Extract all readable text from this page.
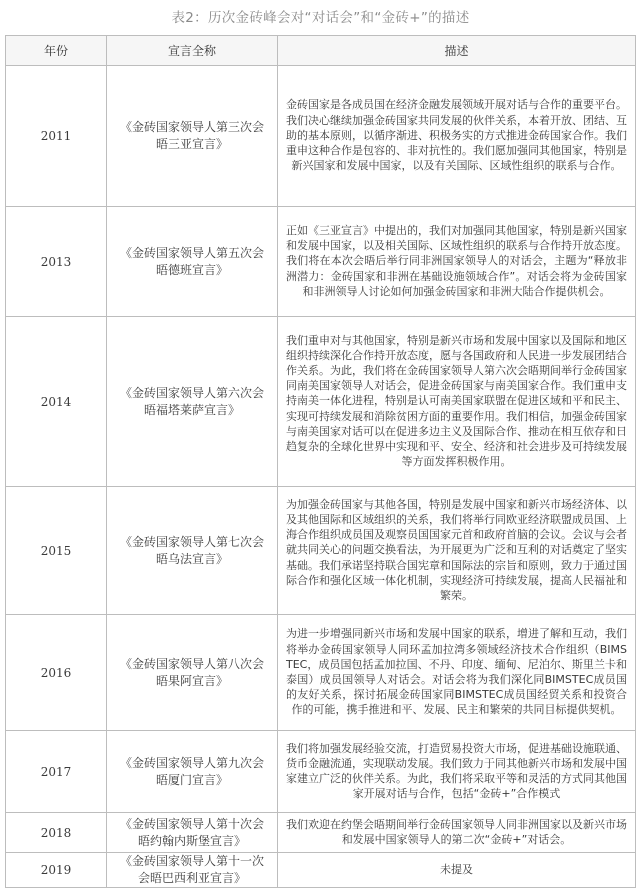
表2：历次金砖峰会对“对话会”和“金砖+”的描述
年份	宣言全称	描述
2011	《金砖国家领导人第三次会晤三亚宣言》	金砖国家是各成员国在经济金融发展领域开展对话与合作的重要平台。我们决心继续加强金砖国家共同发展的伙伴关系，本着开放、团结、互助的基本原则，以循序渐进、积极务实的方式推进金砖国家合作。我们重申这种合作是包容的、非对抗性的。我们愿加强同其他国家，特别是新兴国家和发展中国家，以及有关国际、区域性组织的联系与合作。
2013	《金砖国家领导人第五次会晤德班宣言》	正如《三亚宣言》中提出的，我们对加强同其他国家，特别是新兴国家和发展中国家，以及相关国际、区域性组织的联系与合作持开放态度。我们将在本次会晤后举行同非洲国家领导人的对话会，主题为“释放非洲潜力：金砖国家和非洲在基础设施领域合作”。对话会将为金砖国家和非洲领导人讨论如何加强金砖国家和非洲大陆合作提供机会。
2014	《金砖国家领导人第六次会晤福塔莱萨宣言》	我们重申对与其他国家，特别是新兴市场和发展中国家以及国际和地区组织持续深化合作持开放态度，愿与各国政府和人民进一步发展团结合作关系。为此，我们将在金砖国家领导人第六次会晤期间举行金砖国家同南美国家领导人对话会，促进金砖国家与南美国家合作。我们重申支持南美一体化进程，特别是认可南美国家联盟在促进区域和平和民主、实现可持续发展和消除贫困方面的重要作用。我们相信，加强金砖国家与南美国家对话可以在促进多边主义及国际合作、推动在相互依存和日趋复杂的全球化世界中实现和平、安全、经济和社会进步及可持续发展等方面发挥积极作用。
2015	《金砖国家领导人第七次会晤乌法宣言》	为加强金砖国家与其他各国，特别是发展中国家和新兴市场经济体、以及其他国际和区域组织的关系，我们将举行同欧亚经济联盟成员国、上海合作组织成员国及观察员国国家元首和政府首脑的会议。会议与会者就共同关心的问题交换看法，为开展更为广泛和互利的对话奠定了坚实基础。我们承诺坚持联合国宪章和国际法的宗旨和原则，致力于通过国际合作和强化区域一体化机制，实现经济可持续发展，提高人民福祉和繁荣。
2016	《金砖国家领导人第八次会晤果阿宣言》	为进一步增强同新兴市场和发展中国家的联系，增进了解和互动，我们将举办金砖国家领导人同环孟加拉湾多领域经济技术合作组织（BIMSTEC，成员国包括孟加拉国、不丹、印度、缅甸、尼泊尔、斯里兰卡和泰国）成员国领导人对话会。对话会将为我们深化同BIMSTEC成员国的友好关系，探讨拓展金砖国家同BIMSTEC成员国经贸关系和投资合作的可能，携手推进和平、发展、民主和繁荣的共同目标提供契机。
2017	《金砖国家领导人第九次会晤厦门宣言》	我们将加强发展经验交流，打造贸易投资大市场，促进基础设施联通、货币金融流通，实现联动发展。我们致力于同其他新兴市场和发展中国家建立广泛的伙伴关系。为此，我们将采取平等和灵活的方式同其他国家开展对话与合作，包括“金砖+”合作模式
2018	《金砖国家领导人第十次会晤约翰内斯堡宣言》	我们欢迎在约堡会晤期间举行金砖国家领导人同非洲国家以及新兴市场和发展中国家领导人的第二次“金砖+”对话会。
2019	《金砖国家领导人第十一次会晤巴西利亚宣言》	未提及
